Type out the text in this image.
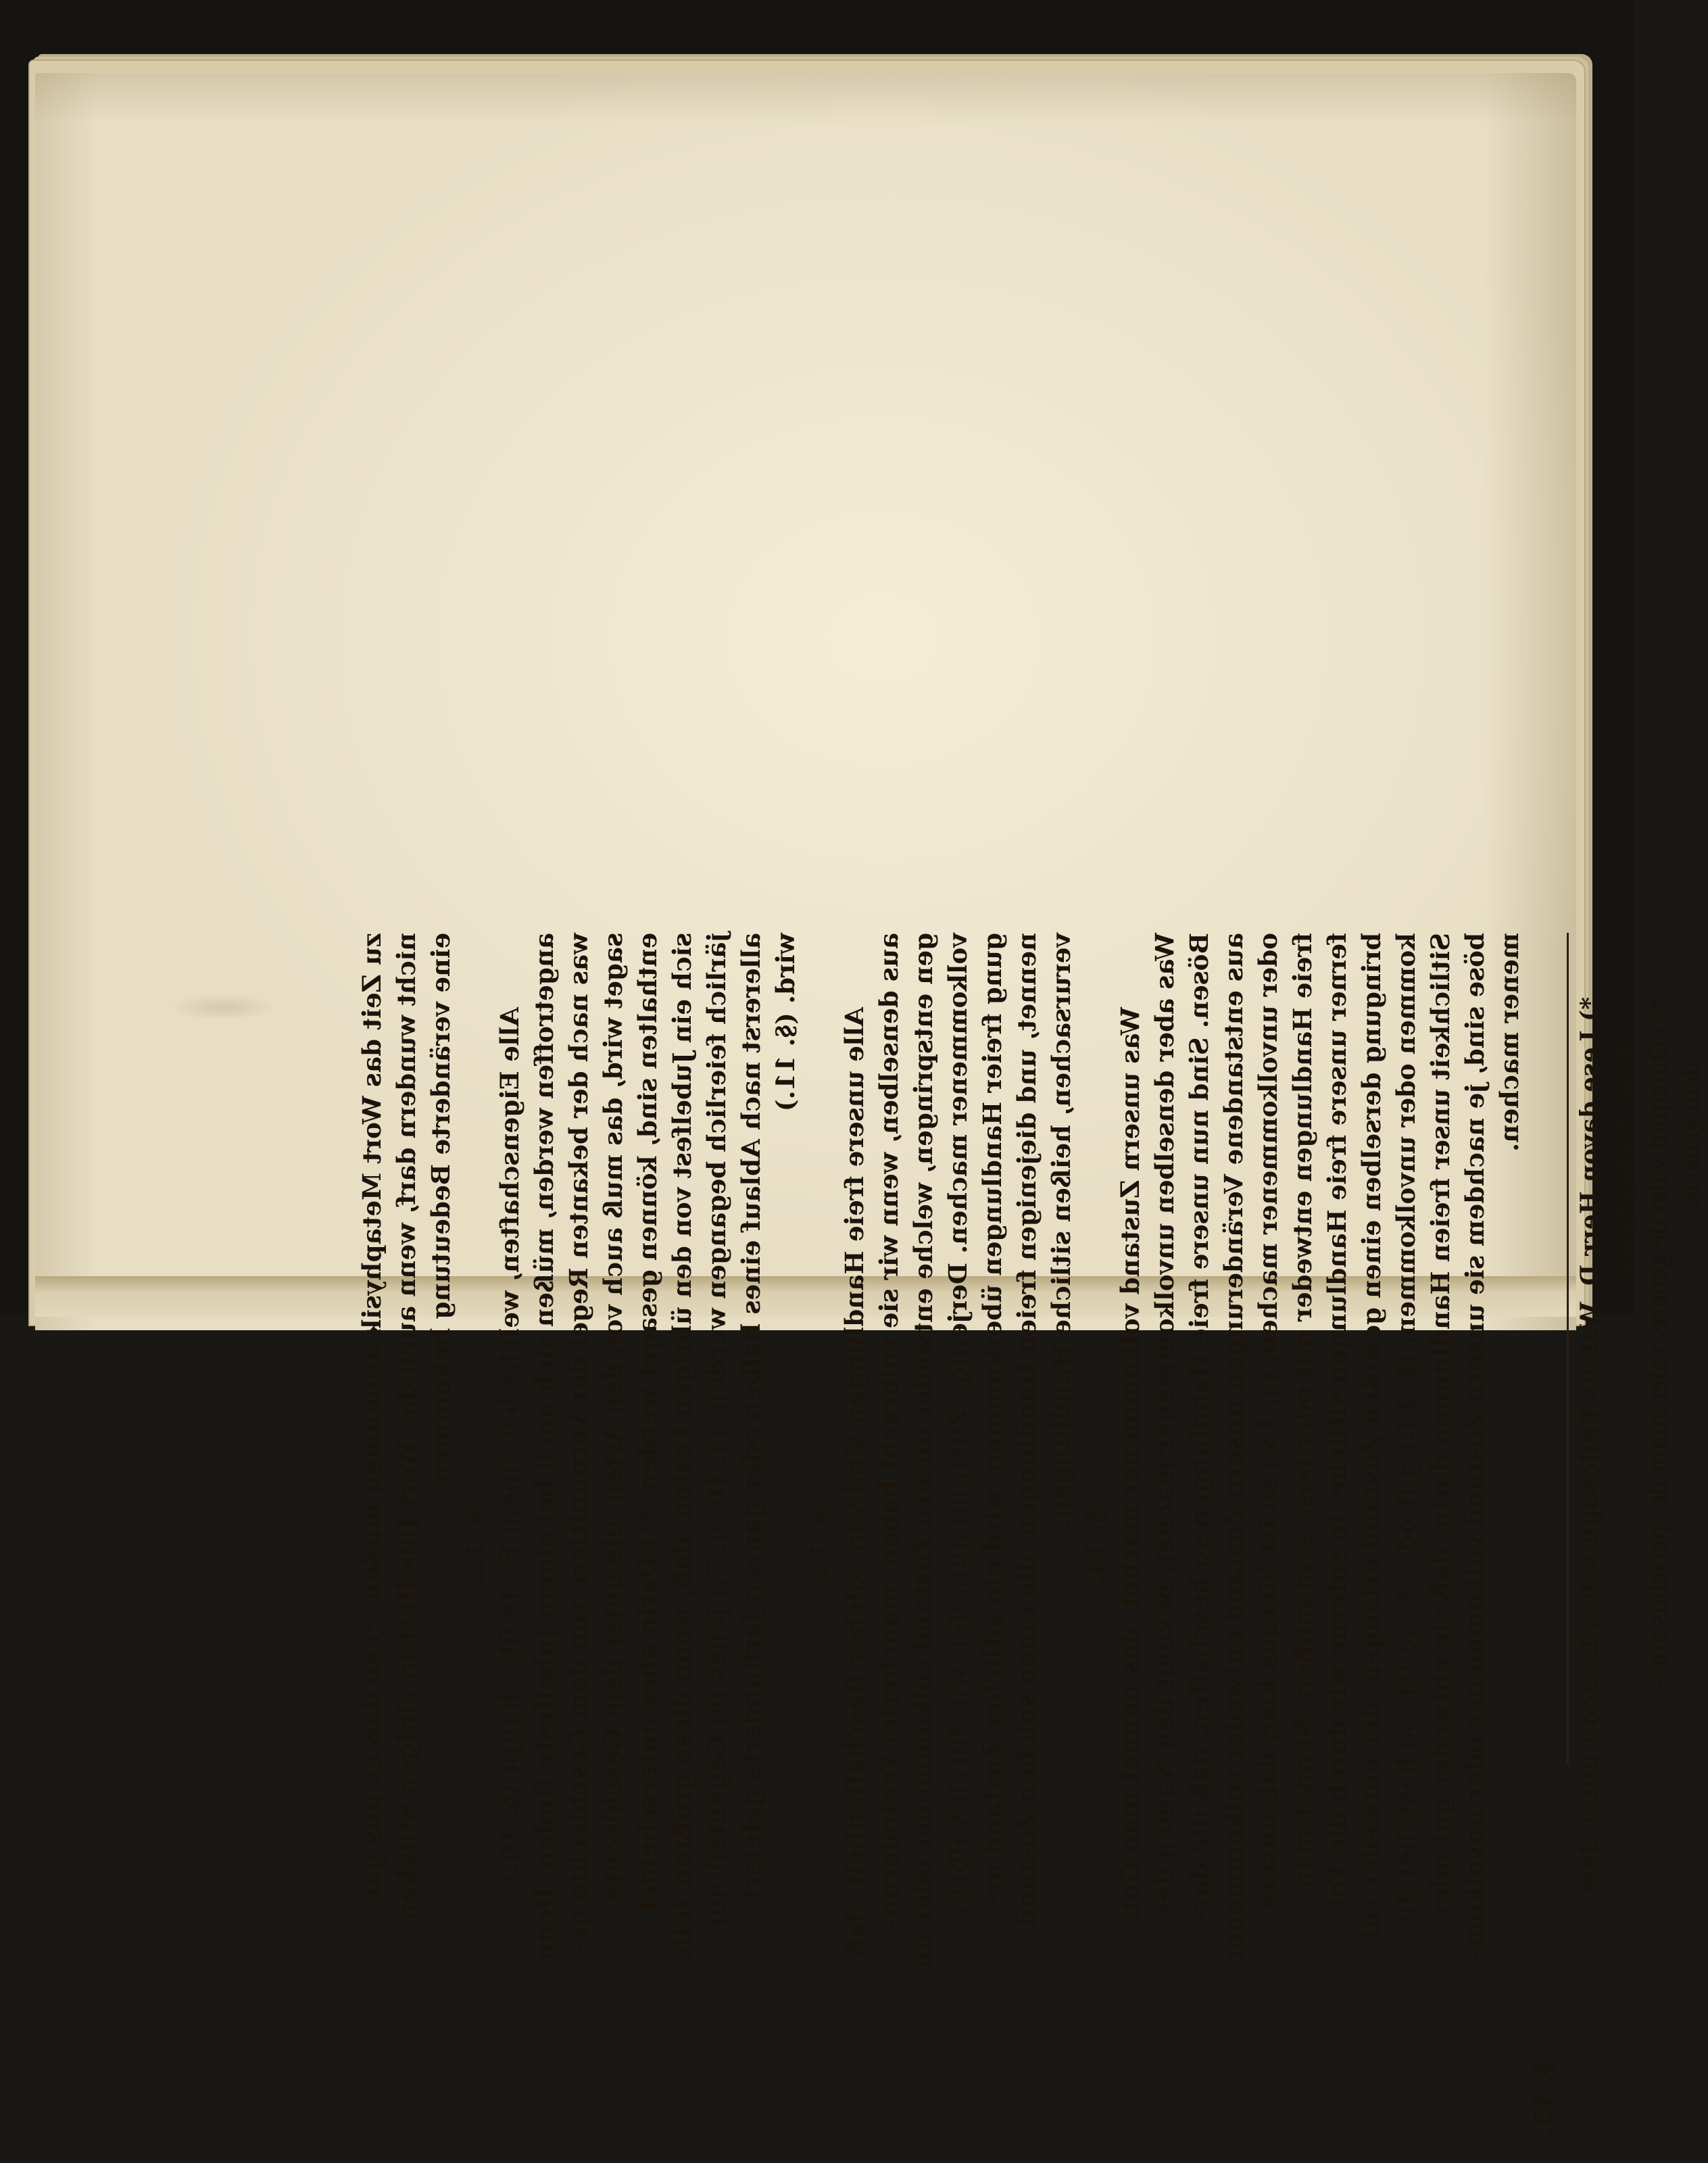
zu Zeit das Wort Metaphysik annehmen müßen, *) so daß es uns gar nicht wundern darf, wenn auch das Wort Jubelfest in einigen Stükken eine veränderte Bedeutung bekommen.
§. 12. Alle Eigenschaften, welche bei einem Feste überhaupt (§. 10.) angetroffen werden, müßen sich auch bei einem Jubelfeste finden. Denn was nach der bekanten Regel der Vernunftlere von dem Geschlechte ge- saget wird, das muß auch von den Arten, die unter dem Geschlechte enthalten sind, können gesaget werden. **) Darin aber unterscheidet sich ein Jubelfest von den übrigen Festen, daß, wenn diese größten Teils järlich feierlich begangen werden, (§. 10. n. 7.) jenes im Gegenteil nur allererst nach Ablauf eines halben oder ganzen Jarhunderts gefeiert wird. (§. 11.)
§. 13. Alle unsere freie Handlungen sind von solcher Beschaffenheit, daß aus denselben, wenn wir sie volbracht haben, mancherlei Veränderun- gen entspringen, welche entweder unsern Zustand volkommener oder un- volkommener machen. Derjenige Zustand nun, den wir durch Volbrin- gung freier Handlungen überkommen, wird ein sitlicher Zustand ge- nennet, und diejenigen freien Handlungen, die einen solchen Zustand verursachen, heißen sitliche Handlungen.
§. 14. Was unsern Zustand volkommener machet, das nennet man Gut. Was aber denselben unvolkommener machet, bekomt den Namen des Bösen. Sind nun unsere freie Handlungen so beschaffen, daß die dar- aus entstandene Veränderungen unsern Zustand entweder volkommener oder unvolkommener machen, (§. 13.) so ist hieraus klar, daß unsere freie Handlungen entweder gut oder böse sein müßen. Nennet man ferner unsere freie Handlungen sitliche, in soferne wir durch die Vol- bringung derselben einen gewißen Zustand erlangen, der entweder vol- kommen oder unvolkommen, (§. 13.) gut oder böse ist; so bestehet die Sitlichkeit unser freien Handlungen darin, daß sie entweder gut oder böse sind, je nachdem sie unsern Zustand volkommener oder unvolkom- mener machen.
§. 15.
*) Lese davon Herr D. Walchs Philosophisches Lexicon unter dem Titul Metaphysik. **) Quicquid valet de genere, valet etiam de speciebus eius- dem generis.
